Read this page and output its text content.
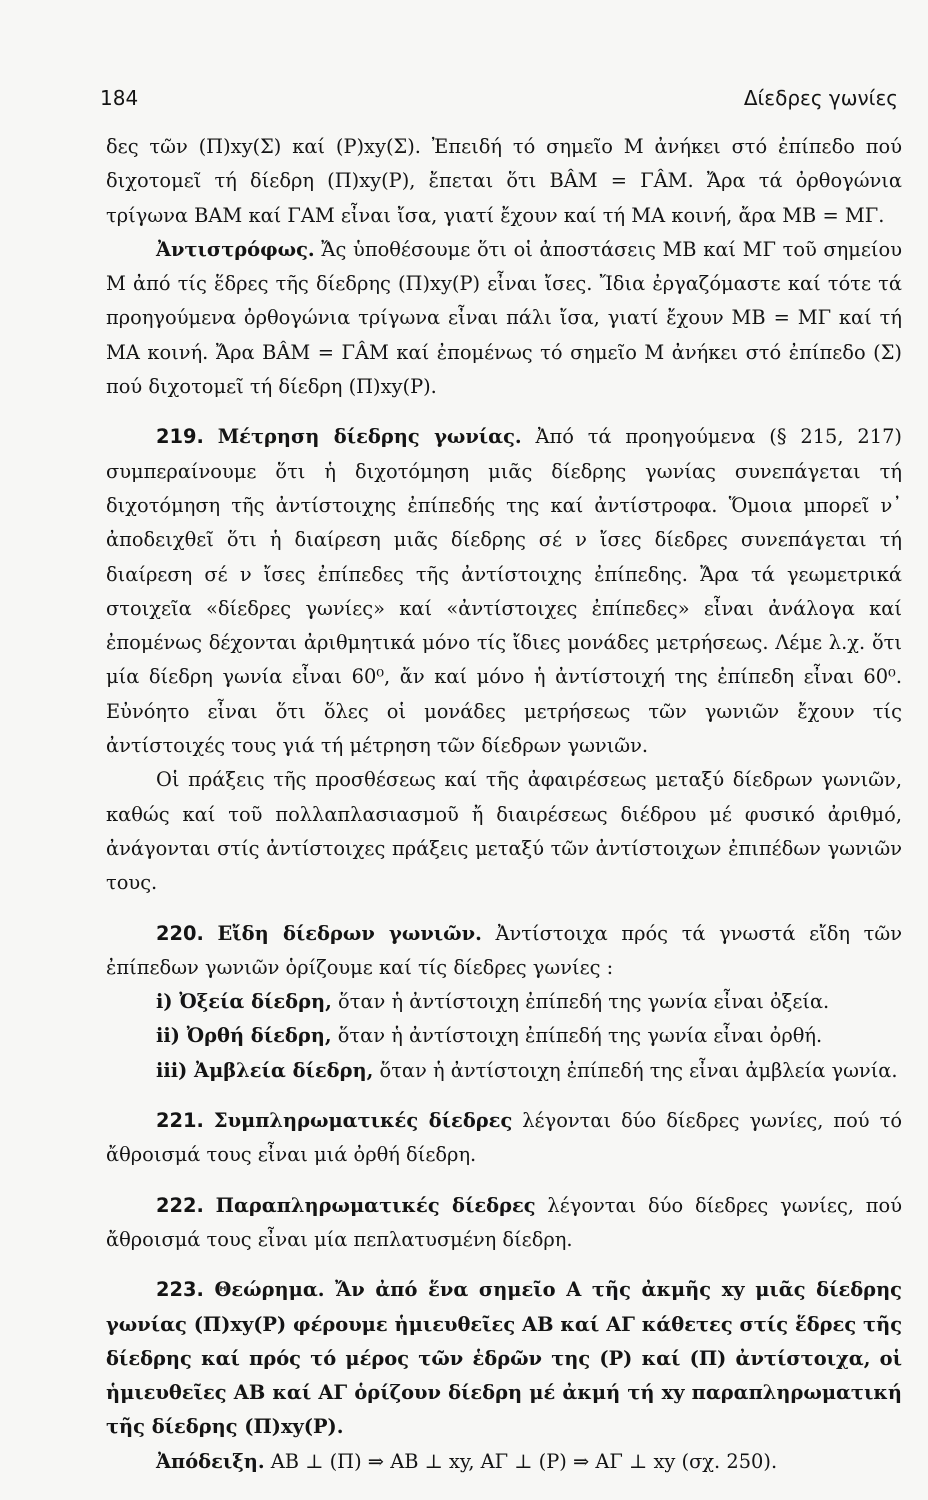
184	Δίεδρες γωνίες

δες τῶν (Π)xy(Σ) καί (Ρ)xy(Σ). Ἐπειδή τό σημεῖο Μ ἀνήκει στό ἐπίπεδο πού διχοτομεῖ τή δίεδρη (Π)xy(Ρ), ἔπεται ὅτι ΒÂΜ = ΓÂΜ. Ἄρα τά ὀρθογώνια τρίγωνα ΒΑΜ καί ΓΑΜ εἶναι ἴσα, γιατί ἔχουν καί τή ΜΑ κοινή, ἄρα ΜΒ = ΜΓ.

Ἀντιστρόφως. Ἄς ὑποθέσουμε ὅτι οἱ ἀποστάσεις ΜΒ καί ΜΓ τοῦ σημείου Μ ἀπό τίς ἕδρες τῆς δίεδρης (Π)xy(Ρ) εἶναι ἴσες. Ἴδια ἐργαζόμαστε καί τότε τά προηγούμενα ὀρθογώνια τρίγωνα εἶναι πάλι ἴσα, γιατί ἔχουν ΜΒ = ΜΓ καί τή ΜΑ κοινή. Ἄρα ΒÂΜ = ΓÂΜ καί ἐπομένως τό σημεῖο Μ ἀνήκει στό ἐπίπεδο (Σ) πού διχοτομεῖ τή δίεδρη (Π)xy(Ρ).

219. Μέτρηση δίεδρης γωνίας. Ἀπό τά προηγούμενα (§ 215, 217) συμπεραίνουμε ὅτι ἡ διχοτόμηση μιᾶς δίεδρης γωνίας συνεπάγεται τή διχοτόμηση τῆς ἀντίστοιχης ἐπίπεδής της καί ἀντίστροφα. Ὅμοια μπορεῖ ν᾽ ἀποδειχθεῖ ὅτι ἡ διαίρεση μιᾶς δίεδρης σέ ν ἴσες δίεδρες συνεπάγεται τή διαίρεση σέ ν ἴσες ἐπίπεδες τῆς ἀντίστοιχης ἐπίπεδης. Ἄρα τά γεωμετρικά στοιχεῖα «δίεδρες γωνίες» καί «ἀντίστοιχες ἐπίπεδες» εἶναι ἀνάλογα καί ἐπομένως δέχονται ἀριθμητικά μόνο τίς ἴδιες μονάδες μετρήσεως. Λέμε λ.χ. ὅτι μία δίεδρη γωνία εἶναι 60⁰, ἄν καί μόνο ἡ ἀντίστοιχή της ἐπίπεδη εἶναι 60⁰. Εὐνόητο εἶναι ὅτι ὅλες οἱ μονάδες μετρήσεως τῶν γωνιῶν ἔχουν τίς ἀντίστοιχές τους γιά τή μέτρηση τῶν δίεδρων γωνιῶν.

Οἱ πράξεις τῆς προσθέσεως καί τῆς ἀφαιρέσεως μεταξύ δίεδρων γωνιῶν, καθώς καί τοῦ πολλαπλασιασμοῦ ἤ διαιρέσεως διέδρου μέ φυσικό ἀριθμό, ἀνάγονται στίς ἀντίστοιχες πράξεις μεταξύ τῶν ἀντίστοιχων ἐπιπέδων γωνιῶν τους.

220. Εἴδη δίεδρων γωνιῶν. Ἀντίστοιχα πρός τά γνωστά εἴδη τῶν ἐπίπεδων γωνιῶν ὁρίζουμε καί τίς δίεδρες γωνίες :

i) Ὀξεία δίεδρη, ὅταν ἡ ἀντίστοιχη ἐπίπεδή της γωνία εἶναι ὀξεία.
ii) Ὀρθή δίεδρη, ὅταν ἡ ἀντίστοιχη ἐπίπεδή της γωνία εἶναι ὀρθή.
iii) Ἀμβλεία δίεδρη, ὅταν ἡ ἀντίστοιχη ἐπίπεδή της εἶναι ἀμβλεία γωνία.

221. Συμπληρωματικές δίεδρες λέγονται δύο δίεδρες γωνίες, πού τό ἄθροισμά τους εἶναι μιά ὀρθή δίεδρη.

222. Παραπληρωματικές δίεδρες λέγονται δύο δίεδρες γωνίες, πού ἄθροισμά τους εἶναι μία πεπλατυσμένη δίεδρη.

223. Θεώρημα. Ἄν ἀπό ἕνα σημεῖο Α τῆς ἀκμῆς xy μιᾶς δίεδρης γωνίας (Π)xy(Ρ) φέρουμε ἡμιευθεῖες ΑΒ καί ΑΓ κάθετες στίς ἕδρες τῆς δίεδρης καί πρός τό μέρος τῶν ἑδρῶν της (Ρ) καί (Π) ἀντίστοιχα, οἱ ἡμιευθεῖες ΑΒ καί ΑΓ ὁρίζουν δίεδρη μέ ἀκμή τή xy παραπληρωματική τῆς δίεδρης (Π)xy(Ρ).

Ἀπόδειξη. ΑΒ ⊥ (Π) ⇒ ΑΒ ⊥ xy, ΑΓ ⊥ (Ρ) ⇒ ΑΓ ⊥ xy (σχ. 250).
